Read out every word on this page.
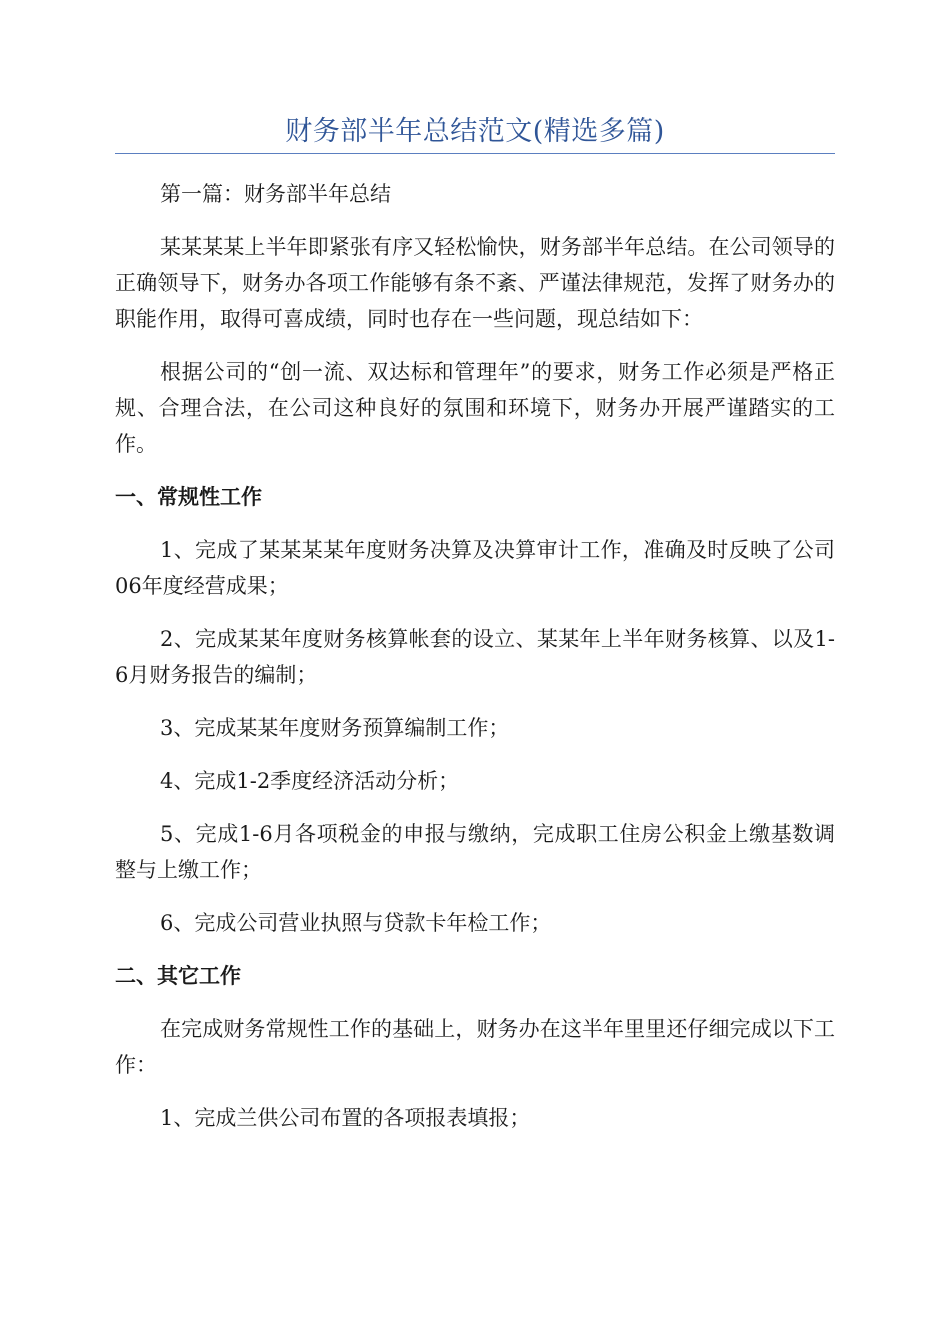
财务部半年总结范文(精选多篇)

第一篇：财务部半年总结

某某某某上半年即紧张有序又轻松愉快，财务部半年总结。在公司领导的正确领导下，财务办各项工作能够有条不紊、严谨法律规范，发挥了财务办的职能作用，取得可喜成绩，同时也存在一些问题，现总结如下：

根据公司的“创一流、双达标和管理年”的要求，财务工作必须是严格正规、合理合法，在公司这种良好的氛围和环境下，财务办开展严谨踏实的工作。

一、常规性工作

1、完成了某某某某年度财务决算及决算审计工作，准确及时反映了公司06年度经营成果；

2、完成某某年度财务核算帐套的设立、某某年上半年财务核算、以及1-6月财务报告的编制；

3、完成某某年度财务预算编制工作；

4、完成1-2季度经济活动分析；

5、完成1-6月各项税金的申报与缴纳，完成职工住房公积金上缴基数调整与上缴工作；

6、完成公司营业执照与贷款卡年检工作；

二、其它工作

在完成财务常规性工作的基础上，财务办在这半年里里还仔细完成以下工作：

1、完成兰供公司布置的各项报表填报；
